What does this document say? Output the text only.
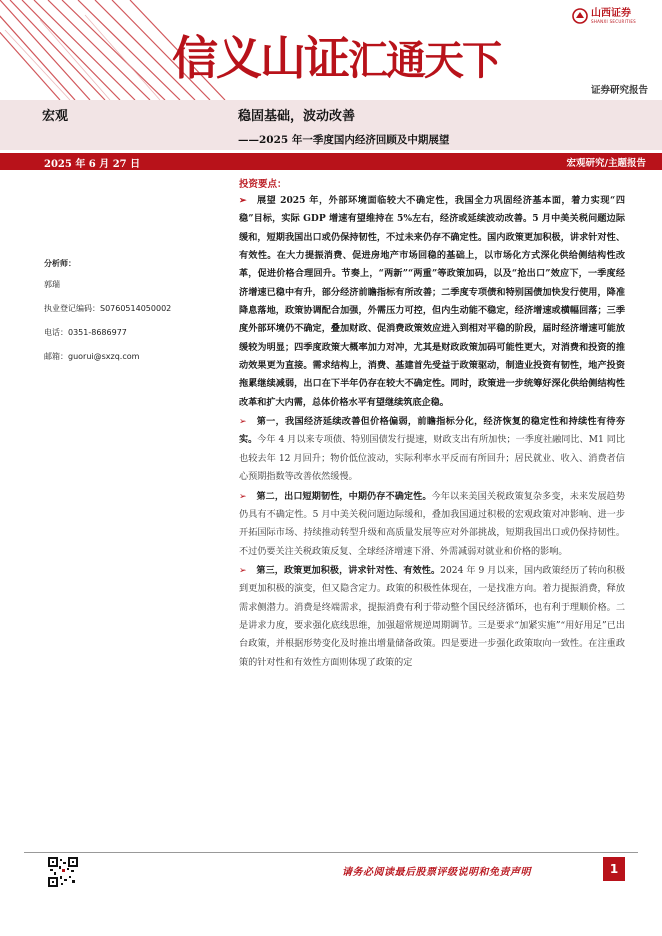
信义山证汇通天下
山西证券
SHANXI SECURITIES
证券研究报告
宏观	稳固基础，波动改善
——2025 年一季度国内经济回顾及中期展望
2025 年 6 月 27 日	宏观研究/主题报告
分析师：
郭瑞
执业登记编码：S0760514050002
电话：0351-8686977
邮箱：guorui@sxzq.com
投资要点：

➢ 展望 2025 年，外部环境面临较大不确定性，我国全力巩固经济基本面，着力实现“四稳”目标，实际 GDP 增速有望维持在 5%左右，经济或延续波动改善。5 月中美关税问题边际缓和，短期我国出口或仍保持韧性，不过未来仍存不确定性。国内政策更加积极，讲求针对性、有效性。在大力提振消费、促进房地产市场回稳的基础上，以市场化方式深化供给侧结构性改革，促进价格合理回升。节奏上，“两新”“两重”等政策加码，以及“抢出口”效应下，一季度经济增速已稳中有升，部分经济前瞻指标有所改善；二季度专项债和特别国债加快发行使用，降准降息落地，政策协调配合加强，外需压力可控，但内生动能不稳定，经济增速或横幅回落；三季度外部环境仍不确定，叠加财政、促消费政策效应进入到相对平稳的阶段，届时经济增速可能放缓较为明显；四季度政策大概率加力对冲，尤其是财政政策加码可能性更大，对消费和投资的推动效果更为直接。需求结构上，消费、基建首先受益于政策驱动，制造业投资有韧性，地产投资拖累继续减弱，出口在下半年仍存在较大不确定性。同时，政策进一步统筹好深化供给侧结构性改革和扩大内需，总体价格水平有望继续筑底企稳。

➢ 第一，我国经济延续改善但价格偏弱，前瞻指标分化，经济恢复的稳定性和持续性有待夯实。今年 4 月以来专项债、特别国债发行提速，财政支出有所加快；一季度社融同比、M1 同比也较去年 12 月回升；物价低位波动，实际利率水平反而有所回升；居民就业、收入、消费者信心预期指数等改善依然缓慢。

➢ 第二，出口短期韧性，中期仍存不确定性。今年以来美国关税政策复杂多变，未来发展趋势仍具有不确定性。5 月中美关税问题边际缓和，叠加我国通过积极的宏观政策对冲影响、进一步开拓国际市场、持续推动转型升级和高质量发展等应对外部挑战，短期我国出口或仍保持韧性。不过仍要关注关税政策反复、全球经济增速下滑、外需减弱对就业和价格的影响。

➢ 第三，政策更加积极，讲求针对性、有效性。2024 年 9 月以来，国内政策经历了转向积极到更加积极的演变，但又隐含定力。政策的积极性体现在，一是找准方向。着力提振消费，释放需求侧潜力。消费是终端需求，提振消费有利于带动整个国民经济循环，也有利于理顺价格。二是讲求力度，要求强化底线思维，加强超常规逆周期调节。三是要求“加紧实施”“用好用足”已出台政策，并根据形势变化及时推出增量储备政策。四是要进一步强化政策取向一致性。在注重政策的针对性和有效性方面则体现了政策的定

请务必阅读最后股票评级说明和免责声明	1
